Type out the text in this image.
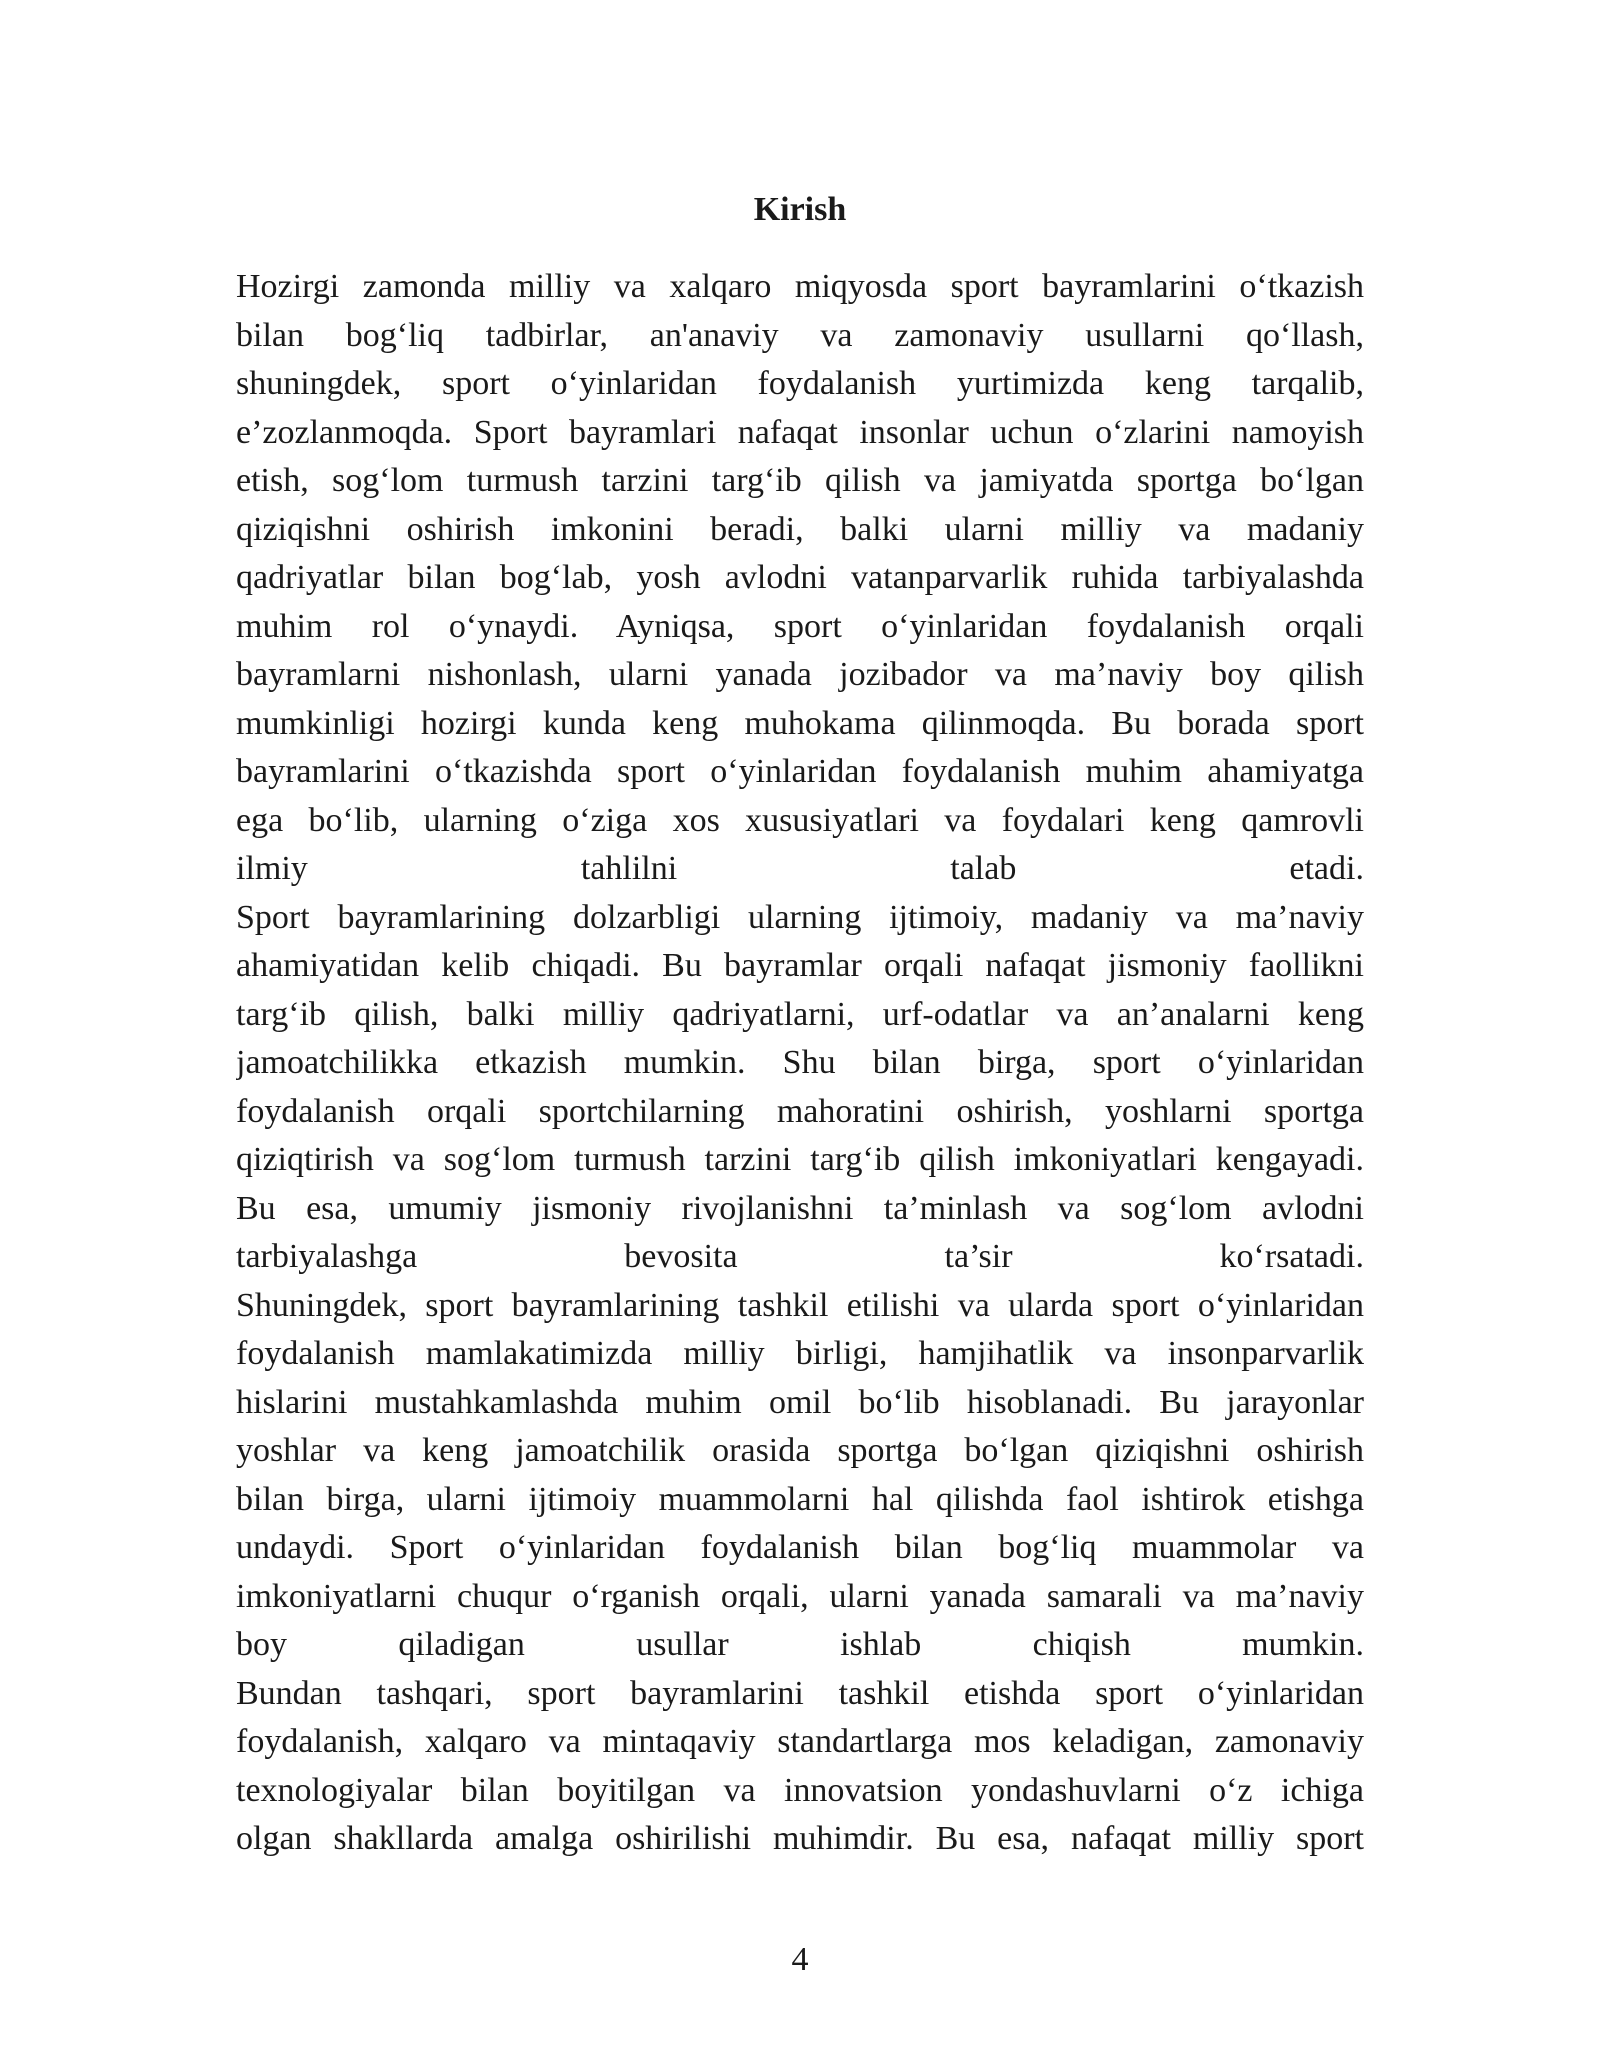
Kirish
Hozirgi zamonda milliy va xalqaro miqyosda sport bayramlarini oʻtkazish
bilan bogʻliq tadbirlar, an'anaviy va zamonaviy usullarni qoʻllash,
shuningdek, sport oʻyinlaridan foydalanish yurtimizda keng tarqalib,
e’zozlanmoqda. Sport bayramlari nafaqat insonlar uchun oʻzlarini namoyish
etish, sogʻlom turmush tarzini targʻib qilish va jamiyatda sportga boʻlgan
qiziqishni oshirish imkonini beradi, balki ularni milliy va madaniy
qadriyatlar bilan bogʻlab, yosh avlodni vatanparvarlik ruhida tarbiyalashda
muhim rol oʻynaydi. Ayniqsa, sport oʻyinlaridan foydalanish orqali
bayramlarni nishonlash, ularni yanada jozibador va ma’naviy boy qilish
mumkinligi hozirgi kunda keng muhokama qilinmoqda. Bu borada sport
bayramlarini oʻtkazishda sport oʻyinlaridan foydalanish muhim ahamiyatga
ega boʻlib, ularning oʻziga xos xususiyatlari va foydalari keng qamrovli
ilmiy	tahlilni	talab	etadi.
Sport bayramlarining dolzarbligi ularning ijtimoiy, madaniy va ma’naviy
ahamiyatidan kelib chiqadi. Bu bayramlar orqali nafaqat jismoniy faollikni
targʻib qilish, balki milliy qadriyatlarni, urf-odatlar va an’analarni keng
jamoatchilikka etkazish mumkin. Shu bilan birga, sport oʻyinlaridan
foydalanish orqali sportchilarning mahoratini oshirish, yoshlarni sportga
qiziqtirish va sogʻlom turmush tarzini targʻib qilish imkoniyatlari kengayadi.
Bu esa, umumiy jismoniy rivojlanishni ta’minlash va sogʻlom avlodni
tarbiyalashga	bevosita	ta’sir	koʻrsatadi.
Shuningdek, sport bayramlarining tashkil etilishi va ularda sport oʻyinlaridan
foydalanish mamlakatimizda milliy birligi, hamjihatlik va insonparvarlik
hislarini mustahkamlashda muhim omil boʻlib hisoblanadi. Bu jarayonlar
yoshlar va keng jamoatchilik orasida sportga boʻlgan qiziqishni oshirish
bilan birga, ularni ijtimoiy muammolarni hal qilishda faol ishtirok etishga
undaydi. Sport oʻyinlaridan foydalanish bilan bogʻliq muammolar va
imkoniyatlarni chuqur oʻrganish orqali, ularni yanada samarali va ma’naviy
boy	qiladigan	usullar	ishlab	chiqish	mumkin.
Bundan tashqari, sport bayramlarini tashkil etishda sport oʻyinlaridan
foydalanish, xalqaro va mintaqaviy standartlarga mos keladigan, zamonaviy
texnologiyalar bilan boyitilgan va innovatsion yondashuvlarni oʻz ichiga
olgan shakllarda amalga oshirilishi muhimdir. Bu esa, nafaqat milliy sport
4
